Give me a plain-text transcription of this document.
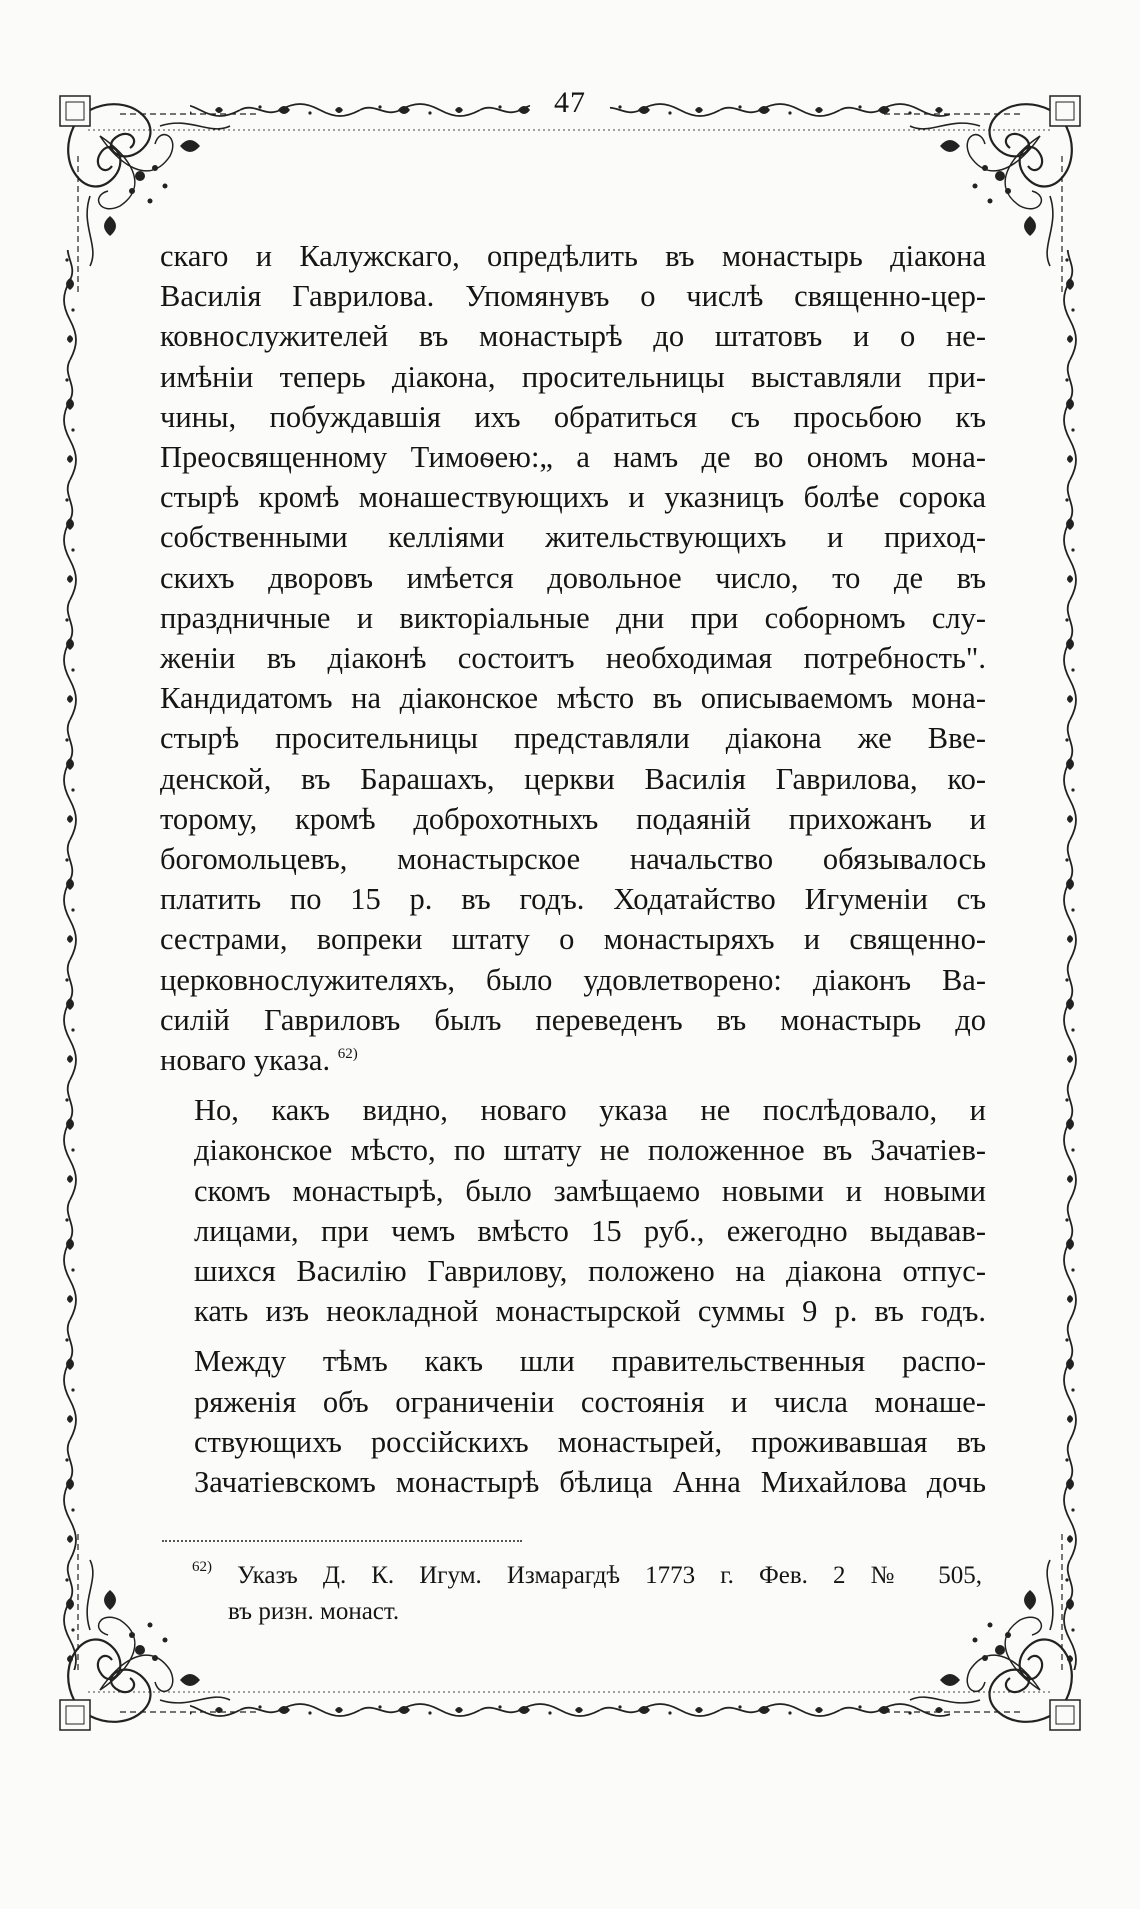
47

скаго и Калужскаго, опредѣлить въ монастырь діакона
Василія Гаврилова. Упомянувъ о числѣ священно-цер-
ковнослужителей въ монастырѣ до штатовъ и о не-
имѣніи теперь діакона, просительницы выставляли при-
чины, побуждавшія ихъ обратиться съ просьбою къ
Преосвященному Тимоѳею:„ а намъ де во ономъ мона-
стырѣ кромѣ монашествующихъ и указницъ болѣе сорока
собственными келліями жительствующихъ и приход-
скихъ дворовъ имѣется довольное число, то де въ
праздничные и викторіальные дни при соборномъ слу-
женіи въ діаконѣ состоитъ необходимая потребность".
Кандидатомъ на діаконское мѣсто въ описываемомъ мона-
стырѣ просительницы представляли діакона же Вве-
денской, въ Барашахъ, церкви Василія Гаврилова, ко-
торому, кромѣ доброхотныхъ подаяній прихожанъ и
богомольцевъ, монастырское начальство обязывалось
платить по 15 р. въ годъ. Ходатайство Игуменіи съ
сестрами, вопреки штату о монастыряхъ и священно-
церковнослужителяхъ, было удовлетворено: діаконъ Ва-
силій Гавриловъ былъ переведенъ въ монастырь до
новаго указа. $^{62)}$

Но, какъ видно, новаго указа не послѣдовало, и
діаконское мѣсто, по штату не положенное въ Зачатіев-
скомъ монастырѣ, было замѣщаемо новыми и новыми
лицами, при чемъ вмѣсто 15 руб., ежегодно выдавав-
шихся Василію Гаврилову, положено на діакона отпус-
кать изъ неокладной монастырской суммы 9 р. въ годъ.

Между тѣмъ какъ шли правительственныя распо-
ряженія объ ограниченіи состоянія и числа монаше-
ствующихъ россійскихъ монастырей, проживавшая въ
Зачатіевскомъ монастырѣ бѣлица Анна Михайлова дочь

$^{62)}$ Указъ Д. К. Игум. Измарагдѣ 1773 г. Фев. 2 № 505,
въ ризн. монаст.
